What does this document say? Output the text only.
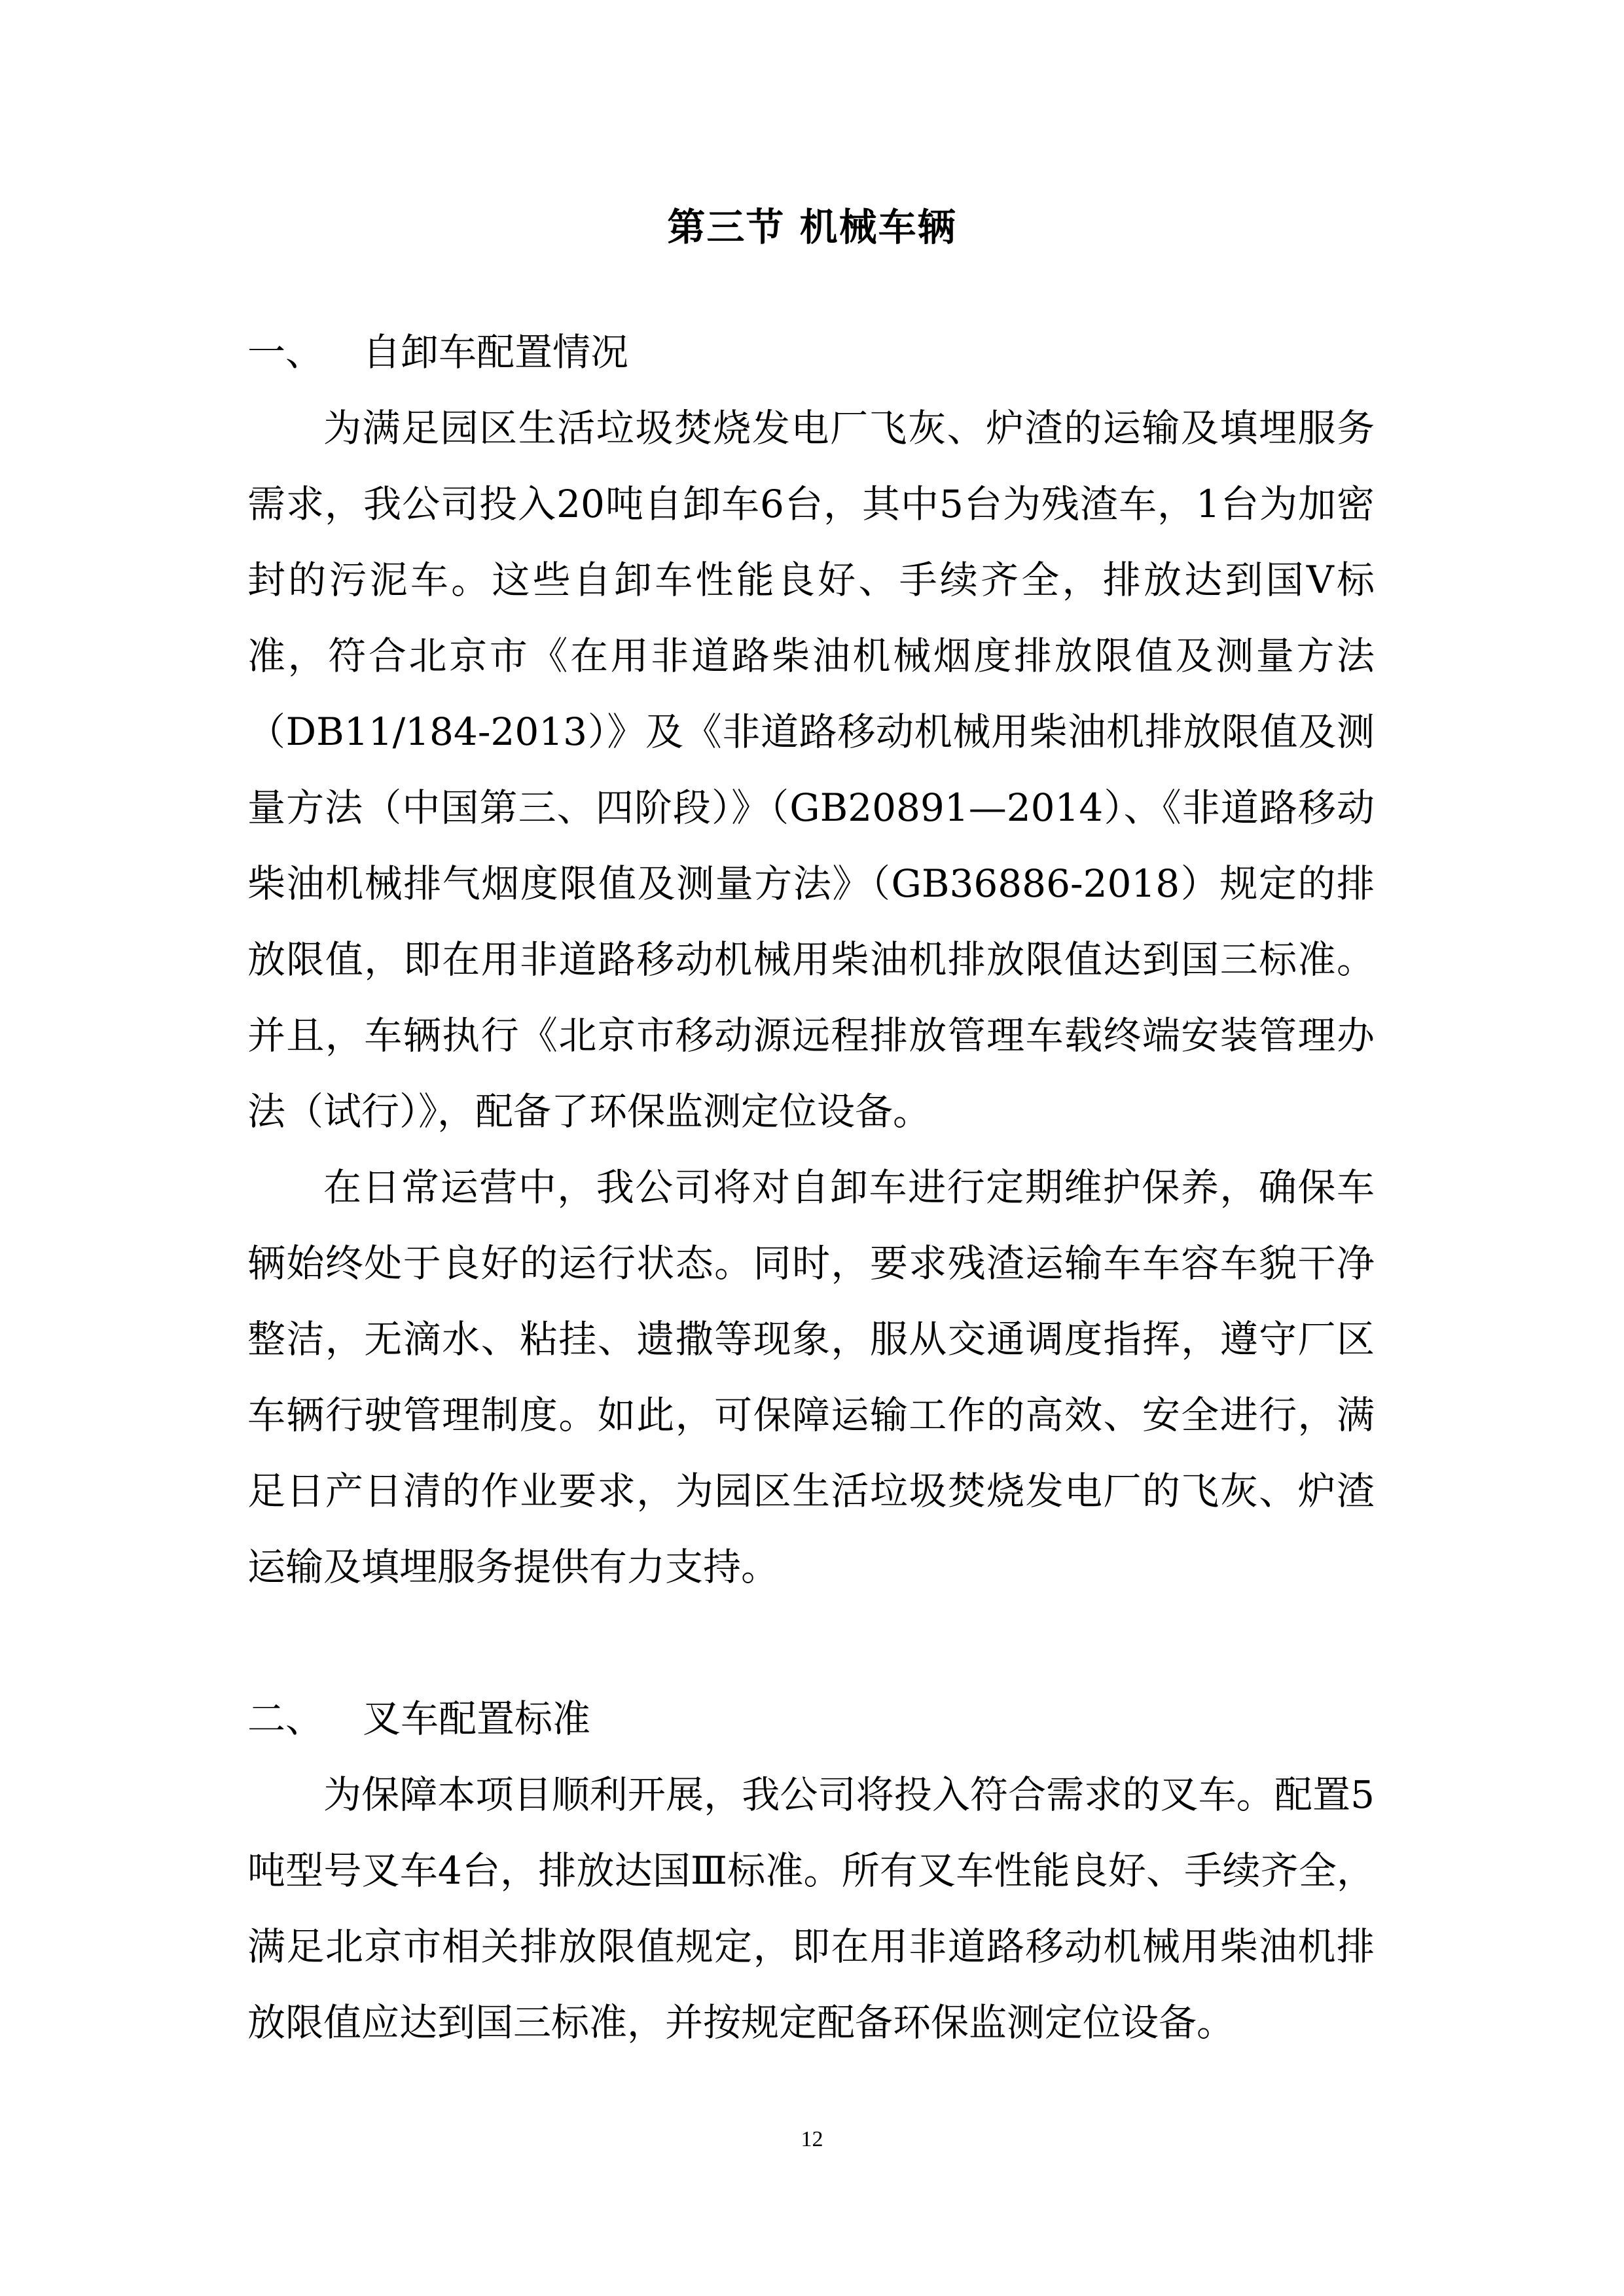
第三节 机械车辆

一、 自卸车配置情况

为满足园区生活垃圾焚烧发电厂飞灰、炉渣的运输及填埋服务需求，我公司投入20吨自卸车6台，其中5台为残渣车，1台为加密封的污泥车。这些自卸车性能良好、手续齐全，排放达到国Ⅴ标准，符合北京市《在用非道路柴油机械烟度排放限值及测量方法（DB11/184-2013）》及《非道路移动机械用柴油机排放限值及测量方法（中国第三、四阶段）》（GB20891—2014）、《非道路移动柴油机械排气烟度限值及测量方法》（GB36886-2018）规定的排放限值，即在用非道路移动机械用柴油机排放限值达到国三标准。并且，车辆执行《北京市移动源远程排放管理车载终端安装管理办法（试行）》，配备了环保监测定位设备。

在日常运营中，我公司将对自卸车进行定期维护保养，确保车辆始终处于良好的运行状态。同时，要求残渣运输车车容车貌干净整洁，无滴水、粘挂、遗撒等现象，服从交通调度指挥，遵守厂区车辆行驶管理制度。如此，可保障运输工作的高效、安全进行，满足日产日清的作业要求，为园区生活垃圾焚烧发电厂的飞灰、炉渣运输及填埋服务提供有力支持。

二、 叉车配置标准

为保障本项目顺利开展，我公司将投入符合需求的叉车。配置5吨型号叉车4台，排放达国Ⅲ标准。所有叉车性能良好、手续齐全，满足北京市相关排放限值规定，即在用非道路移动机械用柴油机排放限值应达到国三标准，并按规定配备环保监测定位设备。

12
